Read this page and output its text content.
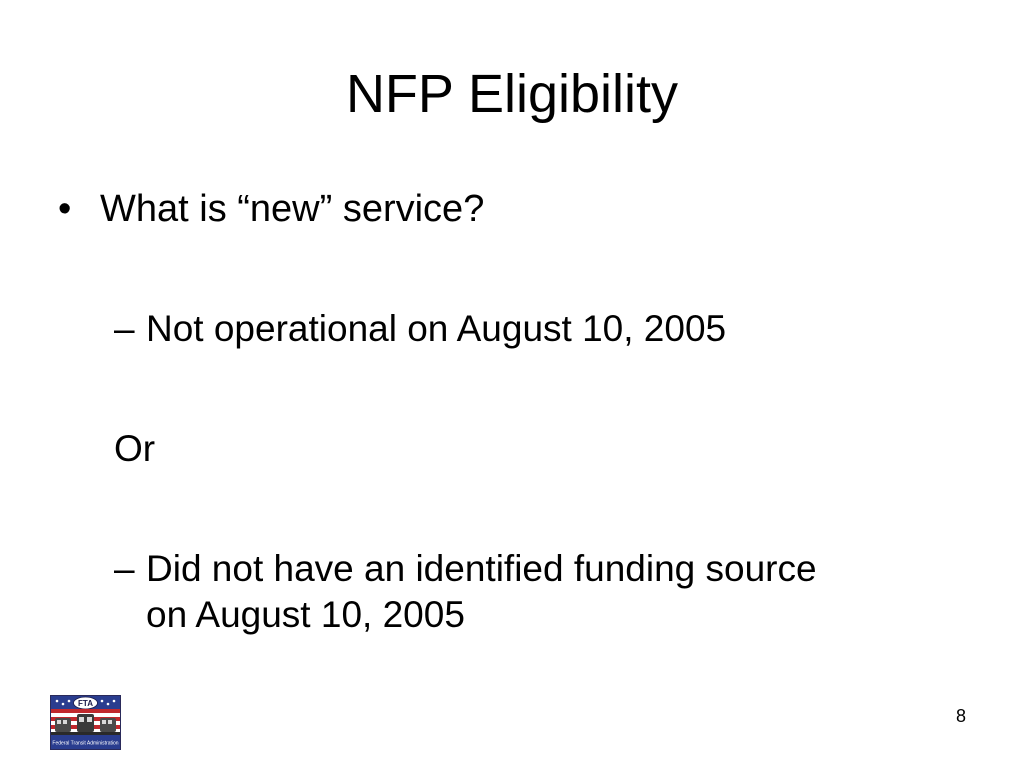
NFP Eligibility
• What is “new” service?
– Not operational on August 10, 2005
Or
– Did not have an identified funding source on August 10, 2005
FTA
Federal Transit Administration
8
